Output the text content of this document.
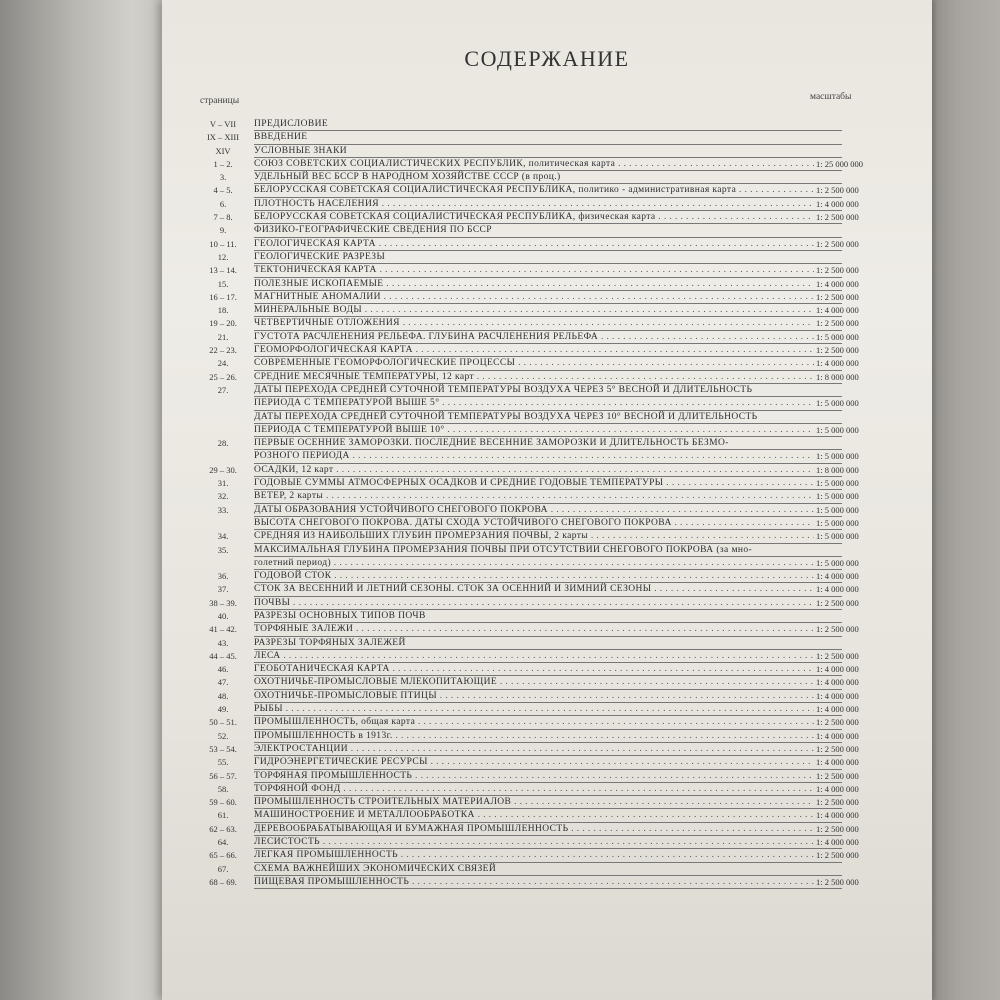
СОДЕРЖАНИЕ
страницы	масштабы
V – VII	ПРЕДИСЛОВИЕ
IX – XIII	ВВЕДЕНИЕ
XIV	УСЛОВНЫЕ ЗНАКИ
1 – 2.	СОЮЗ СОВЕТСКИХ СОЦИАЛИСТИЧЕСКИХ РЕСПУБЛИК, политическая карта . . .	1: 25 000 000
3.	УДЕЛЬНЫЙ ВЕС БССР В НАРОДНОМ ХОЗЯЙСТВЕ СССР (в проц.)
4 – 5.	БЕЛОРУССКАЯ СОВЕТСКАЯ СОЦИАЛИСТИЧЕСКАЯ РЕСПУБЛИКА, политико - административная карта . . .	1: 2 500 000
6.	ПЛОТНОСТЬ НАСЕЛЕНИЯ . . .	1: 4 000 000
7 – 8.	БЕЛОРУССКАЯ СОВЕТСКАЯ СОЦИАЛИСТИЧЕСКАЯ РЕСПУБЛИКА, физическая карта . . .	1: 2 500 000
9.	ФИЗИКО-ГЕОГРАФИЧЕСКИЕ СВЕДЕНИЯ ПО БССР
10 – 11.	ГЕОЛОГИЧЕСКАЯ КАРТА . . .	1: 2 500 000
12.	ГЕОЛОГИЧЕСКИЕ РАЗРЕЗЫ
13 – 14.	ТЕКТОНИЧЕСКАЯ КАРТА . . .	1: 2 500 000
15.	ПОЛЕЗНЫЕ ИСКОПАЕМЫЕ . . .	1: 4 000 000
16 – 17.	МАГНИТНЫЕ АНОМАЛИИ . . .	1: 2 500 000
18.	МИНЕРАЛЬНЫЕ ВОДЫ . . .	1: 4 000 000
19 – 20.	ЧЕТВЕРТИЧНЫЕ ОТЛОЖЕНИЯ . . .	1: 2 500 000
21.	ГУСТОТА РАСЧЛЕНЕНИЯ РЕЛЬЕФА. ГЛУБИНА РАСЧЛЕНЕНИЯ РЕЛЬЕФА . . .	1: 5 000 000
22 – 23.	ГЕОМОРФОЛОГИЧЕСКАЯ КАРТА . . .	1: 2 500 000
24.	СОВРЕМЕННЫЕ ГЕОМОРФОЛОГИЧЕСКИЕ ПРОЦЕССЫ . . .	1: 4 000 000
25 – 26.	СРЕДНИЕ МЕСЯЧНЫЕ ТЕМПЕРАТУРЫ, 12 карт . . .	1: 8 000 000
27.	ДАТЫ ПЕРЕХОДА СРЕДНЕЙ СУТОЧНОЙ ТЕМПЕРАТУРЫ ВОЗДУХА ЧЕРЕЗ 5° ВЕСНОЙ И ДЛИТЕЛЬНОСТЬ
ПЕРИОДА С ТЕМПЕРАТУРОЙ ВЫШЕ 5° . . .	1: 5 000 000
ДАТЫ ПЕРЕХОДА СРЕДНЕЙ СУТОЧНОЙ ТЕМПЕРАТУРЫ ВОЗДУХА ЧЕРЕЗ 10° ВЕСНОЙ И ДЛИТЕЛЬНОСТЬ
ПЕРИОДА С ТЕМПЕРАТУРОЙ ВЫШЕ 10° . . .	1: 5 000 000
28.	ПЕРВЫЕ ОСЕННИЕ ЗАМОРОЗКИ. ПОСЛЕДНИЕ ВЕСЕННИЕ ЗАМОРОЗКИ И ДЛИТЕЛЬНОСТЬ БЕЗМО-
РОЗНОГО ПЕРИОДА . . .	1: 5 000 000
29 – 30.	ОСАДКИ, 12 карт . . .	1: 8 000 000
31.	ГОДОВЫЕ СУММЫ АТМОСФЕРНЫХ ОСАДКОВ И СРЕДНИЕ ГОДОВЫЕ ТЕМПЕРАТУРЫ . . .	1: 5 000 000
32.	ВЕТЕР, 2 карты . . .	1: 5 000 000
33.	ДАТЫ ОБРАЗОВАНИЯ УСТОЙЧИВОГО СНЕГОВОГО ПОКРОВА . . .	1: 5 000 000
ВЫСОТА СНЕГОВОГО ПОКРОВА. ДАТЫ СХОДА УСТОЙЧИВОГО СНЕГОВОГО ПОКРОВА . . .	1: 5 000 000
34.	СРЕДНЯЯ ИЗ НАИБОЛЬШИХ ГЛУБИН ПРОМЕРЗАНИЯ ПОЧВЫ, 2 карты . . .	1: 5 000 000
35.	МАКСИМАЛЬНАЯ ГЛУБИНА ПРОМЕРЗАНИЯ ПОЧВЫ ПРИ ОТСУТСТВИИ СНЕГОВОГО ПОКРОВА (за мно-
голетний период) . . .	1: 5 000 000
36.	ГОДОВОЙ СТОК . . .	1: 4 000 000
37.	СТОК ЗА ВЕСЕННИЙ И ЛЕТНИЙ СЕЗОНЫ. СТОК ЗА ОСЕННИЙ И ЗИМНИЙ СЕЗОНЫ . . .	1: 4 000 000
38 – 39.	ПОЧВЫ . . .	1: 2 500 000
40.	РАЗРЕЗЫ ОСНОВНЫХ ТИПОВ ПОЧВ
41 – 42.	ТОРФЯНЫЕ ЗАЛЕЖИ . . .	1: 2 500 000
43.	РАЗРЕЗЫ ТОРФЯНЫХ ЗАЛЕЖЕЙ
44 – 45.	ЛЕСА . . .	1: 2 500 000
46.	ГЕОБОТАНИЧЕСКАЯ КАРТА . . .	1: 4 000 000
47.	ОХОТНИЧЬЕ-ПРОМЫСЛОВЫЕ МЛЕКОПИТАЮЩИЕ . . .	1: 4 000 000
48.	ОХОТНИЧЬЕ-ПРОМЫСЛОВЫЕ ПТИЦЫ . . .	1: 4 000 000
49.	РЫБЫ . . .	1: 4 000 000
50 – 51.	ПРОМЫШЛЕННОСТЬ, общая карта . . .	1: 2 500 000
52.	ПРОМЫШЛЕННОСТЬ в 1913г. . . .	1: 4 000 000
53 – 54.	ЭЛЕКТРОСТАНЦИИ . . .	1: 2 500 000
55.	ГИДРОЭНЕРГЕТИЧЕСКИЕ РЕСУРСЫ . . .	1: 4 000 000
56 – 57.	ТОРФЯНАЯ ПРОМЫШЛЕННОСТЬ . . .	1: 2 500 000
58.	ТОРФЯНОЙ ФОНД . . .	1: 4 000 000
59 – 60.	ПРОМЫШЛЕННОСТЬ СТРОИТЕЛЬНЫХ МАТЕРИАЛОВ . . .	1: 2 500 000
61.	МАШИНОСТРОЕНИЕ И МЕТАЛЛООБРАБОТКА . . .	1: 4 000 000
62 – 63.	ДЕРЕВООБРАБАТЫВАЮЩАЯ И БУМАЖНАЯ ПРОМЫШЛЕННОСТЬ . . .	1: 2 500 000
64.	ЛЕСИСТОСТЬ . . .	1: 4 000 000
65 – 66.	ЛЕГКАЯ ПРОМЫШЛЕННОСТЬ . . .	1: 2 500 000
67.	СХЕМА ВАЖНЕЙШИХ ЭКОНОМИЧЕСКИХ СВЯЗЕЙ
68 – 69.	ПИЩЕВАЯ ПРОМЫШЛЕННОСТЬ . . .	1: 2 500 000
